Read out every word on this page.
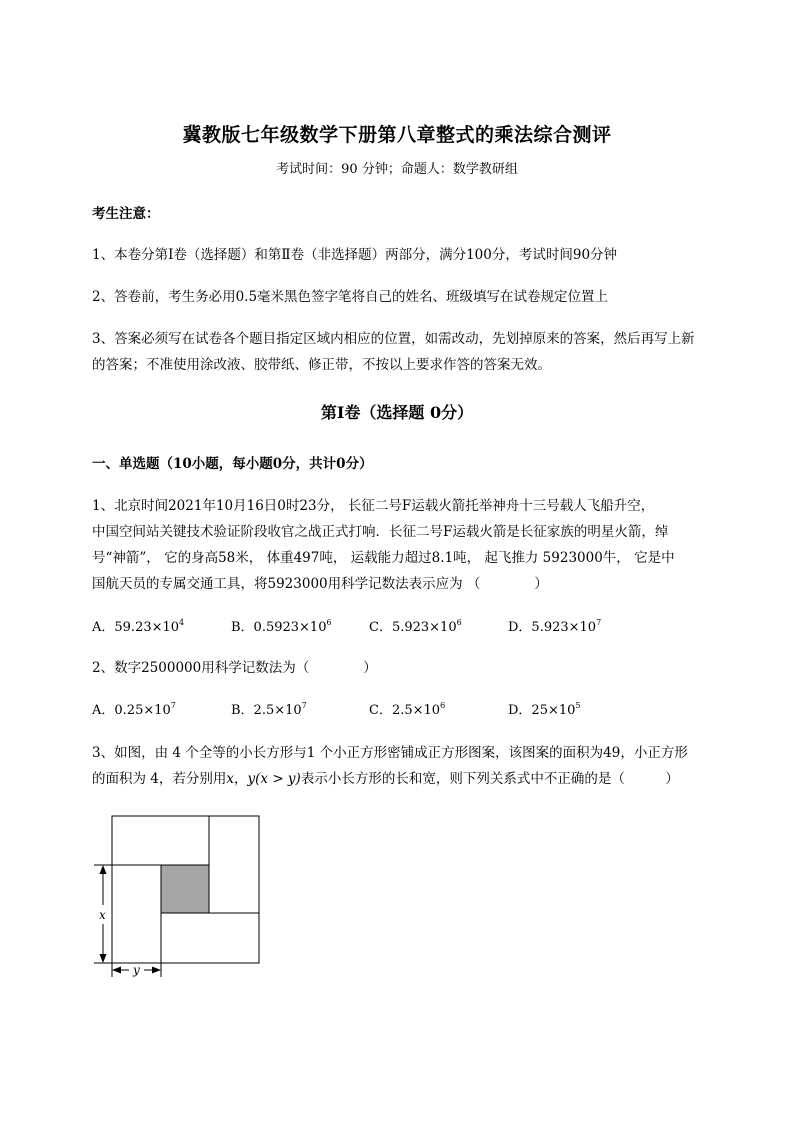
冀教版七年级数学下册第八章整式的乘法综合测评
考试时间：90 分钟；命题人：数学教研组
考生注意：
1、本卷分第Ⅰ卷（选择题）和第Ⅱ卷（非选择题）两部分，满分100分，考试时间90分钟
2、答卷前，考生务必用0.5毫米黑色签字笔将自己的姓名、班级填写在试卷规定位置上
3、答案必须写在试卷各个题目指定区域内相应的位置，如需改动，先划掉原来的答案，然后再写上新
的答案；不准使用涂改液、胶带纸、修正带，不按以上要求作答的答案无效。
第Ⅰ卷（选择题 0分）
一、单选题（10小题，每小题0分，共计0分）
1、北京时间2021年10月16日0时23分， 长征二号F运载火箭托举神舟十三号载人飞船升空，
中国空间站关键技术验证阶段收官之战正式打响．长征二号F运载火箭是长征家族的明星火箭，绰
号“神箭”， 它的身高58米， 体重497吨， 运载能力超过8.1吨， 起飞推力 5923000牛， 它是中
国航天员的专属交通工具，将5923000用科学记数法表示应为 （　　　　）
A．$59.23\times 10^4$	B．$0.5923\times 10^6$	C．$5.923\times 10^6$	D．$5.923\times 10^7$
2、数字2500000用科学记数法为（　　　　）
A．$0.25\times 10^7$	B．$2.5\times 10^7$	C．$2.5\times 10^6$	D．$25\times 10^5$
3、如图，由 4 个全等的小长方形与1 个小正方形密铺成正方形图案，该图案的面积为49，小正方形
的面积为 4，若分别用x，y(x > y)表示小长方形的长和宽，则下列关系式中不正确的是（　　　）
x
y
